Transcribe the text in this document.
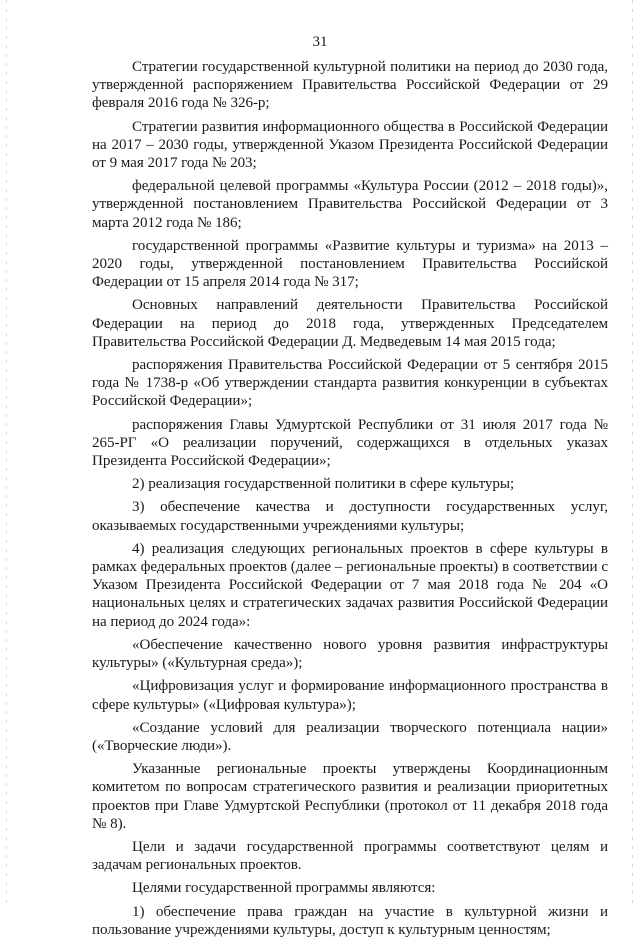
31

Стратегии государственной культурной политики на период до 2030 года, утвержденной распоряжением Правительства Российской Федерации от 29 февраля 2016 года № 326-р;

Стратегии развития информационного общества в Российской Федерации на 2017 – 2030 годы, утвержденной Указом Президента Российской Федерации от 9 мая 2017 года № 203;

федеральной целевой программы «Культура России (2012 – 2018 годы)», утвержденной постановлением Правительства Российской Федерации от 3 марта 2012 года № 186;

государственной программы «Развитие культуры и туризма» на 2013 – 2020 годы, утвержденной постановлением Правительства Российской Федерации от 15 апреля 2014 года № 317;

Основных направлений деятельности Правительства Российской Федерации на период до 2018 года, утвержденных Председателем Правительства Российской Федерации Д. Медведевым 14 мая 2015 года;

распоряжения Правительства Российской Федерации от 5 сентября 2015 года № 1738-р «Об утверждении стандарта развития конкуренции в субъектах Российской Федерации»;

распоряжения Главы Удмуртской Республики от 31 июля 2017 года № 265-РГ «О реализации поручений, содержащихся в отдельных указах Президента Российской Федерации»;

2) реализация государственной политики в сфере культуры;

3) обеспечение качества и доступности государственных услуг, оказываемых государственными учреждениями культуры;

4) реализация следующих региональных проектов в сфере культуры в рамках федеральных проектов (далее – региональные проекты) в соответствии с Указом Президента Российской Федерации от 7 мая 2018 года № 204 «О национальных целях и стратегических задачах развития Российской Федерации на период до 2024 года»:

«Обеспечение качественно нового уровня развития инфраструктуры культуры» («Культурная среда»);

«Цифровизация услуг и формирование информационного пространства в сфере культуры» («Цифровая культура»);

«Создание условий для реализации творческого потенциала нации» («Творческие люди»).

Указанные региональные проекты утверждены Координационным комитетом по вопросам стратегического развития и реализации приоритетных проектов при Главе Удмуртской Республики (протокол от 11 декабря 2018 года № 8).

Цели и задачи государственной программы соответствуют целям и задачам региональных проектов.

Целями государственной программы являются:

1) обеспечение права граждан на участие в культурной жизни и пользование учреждениями культуры, доступ к культурным ценностям;
